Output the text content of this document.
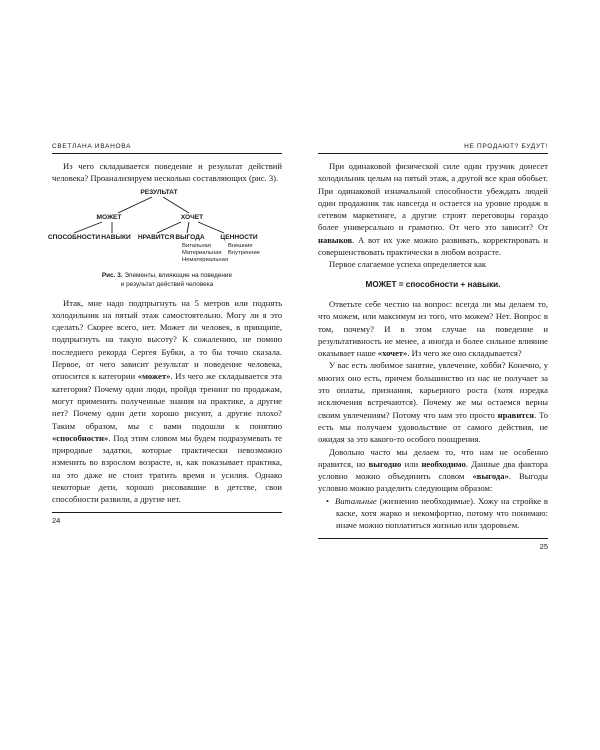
СВЕТЛАНА ИВАНОВА

Из чего складывается поведение и результат действий человека? Проанализируем несколько составляющих (рис. 3).

РЕЗУЛЬТАТ
МОЖЕТ	ХОЧЕТ
СПОСОБНОСТИ НАВЫКИ НРАВИТСЯ ВЫГОДА ЦЕННОСТИ
Витальная
Материальная
Нематериальная
Внешние
Внутренние
Рис. 3. Элементы, влияющие на поведение
и результат действий человека

Итак, мне надо подпрыгнуть на 5 метров или поднять холодильник на пятый этаж самостоятельно. Могу ли я это сделать? Скорее всего, нет. Может ли человек, в принципе, подпрыгнуть на такую высоту? К сожалению, не помню последнего рекорда Сергея Бубки, а то бы точно сказала. Первое, от чего зависит результат и поведение человека, относится к категории «может». Из чего же складывается эта категория? Почему одни люди, пройдя тренинг по продажам, могут применить полученные знания на практике, а другие нет? Почему одни дети хорошо рисуют, а другие плохо? Таким образом, мы с вами подошли к понятию «способности». Под этим словом мы будем подразумевать те природные задатки, которые практически невозможно изменить во взрослом возрасте, и, как показывает практика, на это даже не стоит тратить время и усилия. Однако некоторые дети, хорошо рисовавшие в детстве, свои способности развили, а другие нет.

24
НЕ ПРОДАЮТ? БУДУТ!

При одинаковой физической силе один грузчик донесет холодильник целым на пятый этаж, а другой все края обобьет. При одинаковой изначальной способности убеждать людей один продажник так навсегда и остается на уровне продаж в сетевом маркетинге, а другие строят переговоры гораздо более универсально и грамотно. От чего это зависит? От навыков. А вот их уже можно развивать, корректировать и совершенствовать практически в любом возрасте.

Первое слагаемое успеха определяется как

МОЖЕТ = способности + навыки.

Ответьте себе честно на вопрос: всегда ли мы делаем то, что можем, или максимум из того, что можем? Нет. Вопрос в том, почему? И в этом случае на поведение и результативность не менее, а иногда и более сильное влияние оказывает наше «хочет». Из чего же оно складывается?

У вас есть любимое занятие, увлечение, хобби? Конечно, у многих оно есть, причем большинство из нас не получает за это оплаты, признания, карьерного роста (хотя изредка исключения встречаются). Почему же мы остаемся верны своим увлечениям? Потому что нам это просто нравится. То есть мы получаем удовольствие от самого действия, не ожидая за это какого-то особого поощрения.

Довольно часто мы делаем то, что нам не особенно нравится, но выгодно или необходимо. Данные два фактора условно можно объединить словом «выгода». Выгоды условно можно разделить следующим образом:

• Витальные (жизненно необходимые). Хожу на стройке в каске, хотя жарко и некомфортно, потому что понимаю: иначе можно поплатиться жизнью или здоровьем.

25
